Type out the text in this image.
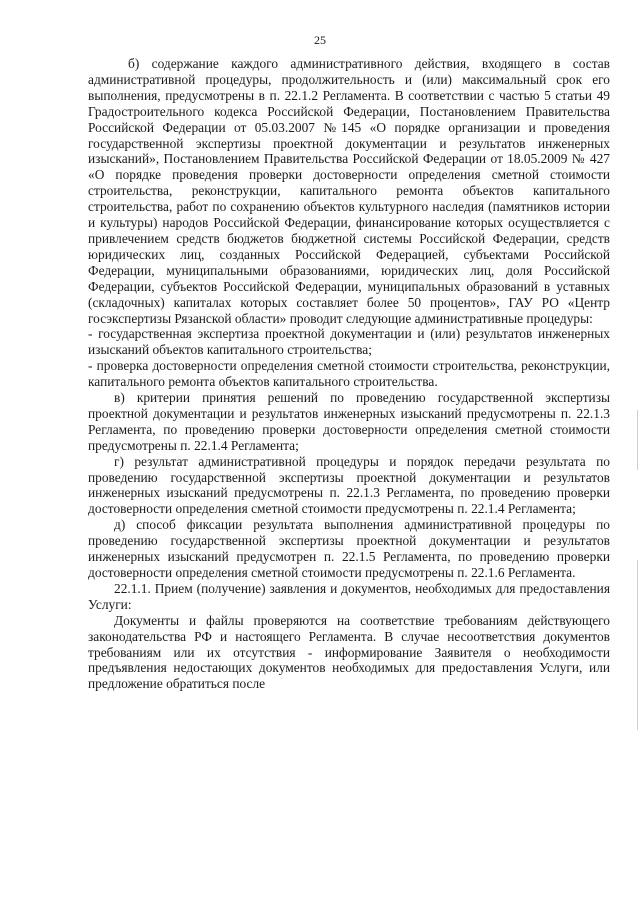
25

б) содержание каждого административного действия, входящего в состав административной процедуры, продолжительность и (или) максимальный срок его выполнения, предусмотрены в п. 22.1.2 Регламента. В соответствии с частью 5 статьи 49 Градостроительного кодекса Российской Федерации, Постановлением Правительства Российской Федерации от 05.03.2007 №145 «О порядке организации и проведения государственной экспертизы проектной документации и результатов инженерных изысканий», Постановлением Правительства Российской Федерации от 18.05.2009 № 427 «О порядке проведения проверки достоверности определения сметной стоимости строительства, реконструкции, капитального ремонта объектов капитального строительства, работ по сохранению объектов культурного наследия (памятников истории и культуры) народов Российской Федерации, финансирование которых осуществляется с привлечением средств бюджетов бюджетной системы Российской Федерации, средств юридических лиц, созданных Российской Федерацией, субъектами Российской Федерации, муниципальными образованиями, юридических лиц, доля Российской Федерации, субъектов Российской Федерации, муниципальных образований в уставных (складочных) капиталах которых составляет более 50 процентов», ГАУ РО «Центр госэкспертизы Рязанской области» проводит следующие административные процедуры:

- государственная экспертиза проектной документации и (или) результатов инженерных изысканий объектов капитального строительства;

- проверка достоверности определения сметной стоимости строительства, реконструкции, капитального ремонта объектов капитального строительства.

в) критерии принятия решений по проведению государственной экспертизы проектной документации и результатов инженерных изысканий предусмотрены п. 22.1.3 Регламента, по проведению проверки достоверности определения сметной стоимости предусмотрены п. 22.1.4 Регламента;

г) результат административной процедуры и порядок передачи результата по проведению государственной экспертизы проектной документации и результатов инженерных изысканий предусмотрены п. 22.1.3 Регламента, по проведению проверки достоверности определения сметной стоимости предусмотрены п. 22.1.4 Регламента;

д) способ фиксации результата выполнения административной процедуры по проведению государственной экспертизы проектной документации и результатов инженерных изысканий предусмотрен п. 22.1.5 Регламента, по проведению проверки достоверности определения сметной стоимости предусмотрены п. 22.1.6 Регламента.

22.1.1. Прием (получение) заявления и документов, необходимых для предоставления Услуги:

Документы и файлы проверяются на соответствие требованиям действующего законодательства РФ и настоящего Регламента. В случае несоответствия документов требованиям или их отсутствия - информирование Заявителя о необходимости предъявления недостающих документов необходимых для предоставления Услуги, или предложение обратиться после
